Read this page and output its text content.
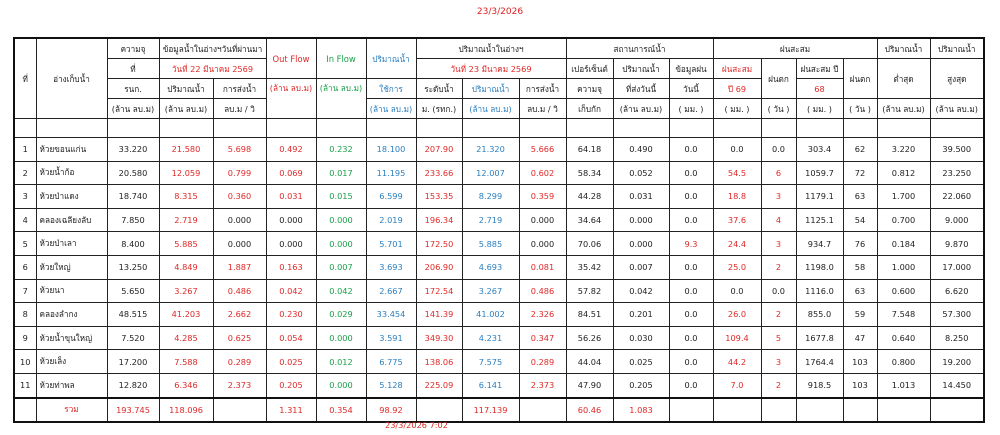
23/3/2026
ที่	อ่างเก็บน้ำ	ความจุ	ข้อมูลน้ำในอ่างฯวันที่ผ่านมา		Out Flow	In Flow	ปริมาณน้ำ	ปริมาณน้ำในอ่างฯ			สถานการณ์น้ำ			ฝนสะสม				ปริมาณน้ำ	ปริมาณน้ำ
		ที่	วันที่ 22 มีนาคม 2569					วันที่ 23 มีนาคม 2569			เปอร์เซ็นต์	ปริมาณน้ำ	ข้อมูลฝน	ฝนสะสม	ฝนตก	ฝนสะสม ปี	ฝนตก	ต่ำสุด	สูงสุด
		รนก.	ปริมาณน้ำ	การส่งน้ำ	(ล้าน ลบ.ม)	(ล้าน ลบ.ม)	ใช้การ	ระดับน้ำ	ปริมาณน้ำ	การส่งน้ำ	ความจุ	ที่ส่งวันนี้	วันนี้	ปี 69		68			
		(ล้าน ลบ.ม)	(ล้าน ลบ.ม)	ลบ.ม / วิ			(ล้าน ลบ.ม)	ม. (รทก.)	(ล้าน ลบ.ม)	ลบ.ม / วิ	เก็บกัก	(ล้าน ลบ.ม)	( มม. )	( มม. )	( วัน )	( มม. )	( วัน )	(ล้าน ลบ.ม)	(ล้าน ลบ.ม)

1	ห้วยขอนแก่น	33.220	21.580	5.698	0.492	0.232	18.100	207.90	21.320	5.666	64.18	0.490	0.0	0.0	0.0	303.4	62	3.220	39.500
2	ห้วยน้ำก้อ	20.580	12.059	0.799	0.069	0.017	11.195	233.66	12.007	0.602	58.34	0.052	0.0	54.5	6	1059.7	72	0.812	23.250
3	ห้วยป่าแดง	18.740	8.315	0.360	0.031	0.015	6.599	153.35	8.299	0.359	44.28	0.031	0.0	18.8	3	1179.1	63	1.700	22.060
4	คลองเฉลียงลับ	7.850	2.719	0.000	0.000	0.000	2.019	196.34	2.719	0.000	34.64	0.000	0.0	37.6	4	1125.1	54	0.700	9.000
5	ห้วยป่าเลา	8.400	5.885	0.000	0.000	0.000	5.701	172.50	5.885	0.000	70.06	0.000	9.3	24.4	3	934.7	76	0.184	9.870
6	ห้วยใหญ่	13.250	4.849	1.887	0.163	0.007	3.693	206.90	4.693	0.081	35.42	0.007	0.0	25.0	2	1198.0	58	1.000	17.000
7	ห้วยนา	5.650	3.267	0.486	0.042	0.042	2.667	172.54	3.267	0.486	57.82	0.042	0.0	0.0	0.0	1116.0	63	0.600	6.620
8	คลองลำกง	48.515	41.203	2.662	0.230	0.029	33.454	141.39	41.002	2.326	84.51	0.201	0.0	26.0	2	855.0	59	7.548	57.300
9	ห้วยน้ำขุนใหญ่	7.520	4.285	0.625	0.054	0.000	3.591	349.30	4.231	0.347	56.26	0.030	0.0	109.4	5	1677.8	47	0.640	8.250
10	ห้วยเล็ง	17.200	7.588	0.289	0.025	0.012	6.775	138.06	7.575	0.289	44.04	0.025	0.0	44.2	3	1764.4	103	0.800	19.200
11	ห้วยท่าพล	12.820	6.346	2.373	0.205	0.000	5.128	225.09	6.141	2.373	47.90	0.205	0.0	7.0	2	918.5	103	1.013	14.450
	รวม	193.745	118.096		1.311	0.354	98.92		117.139		60.46	1.083							
23/3/2026 7:02
